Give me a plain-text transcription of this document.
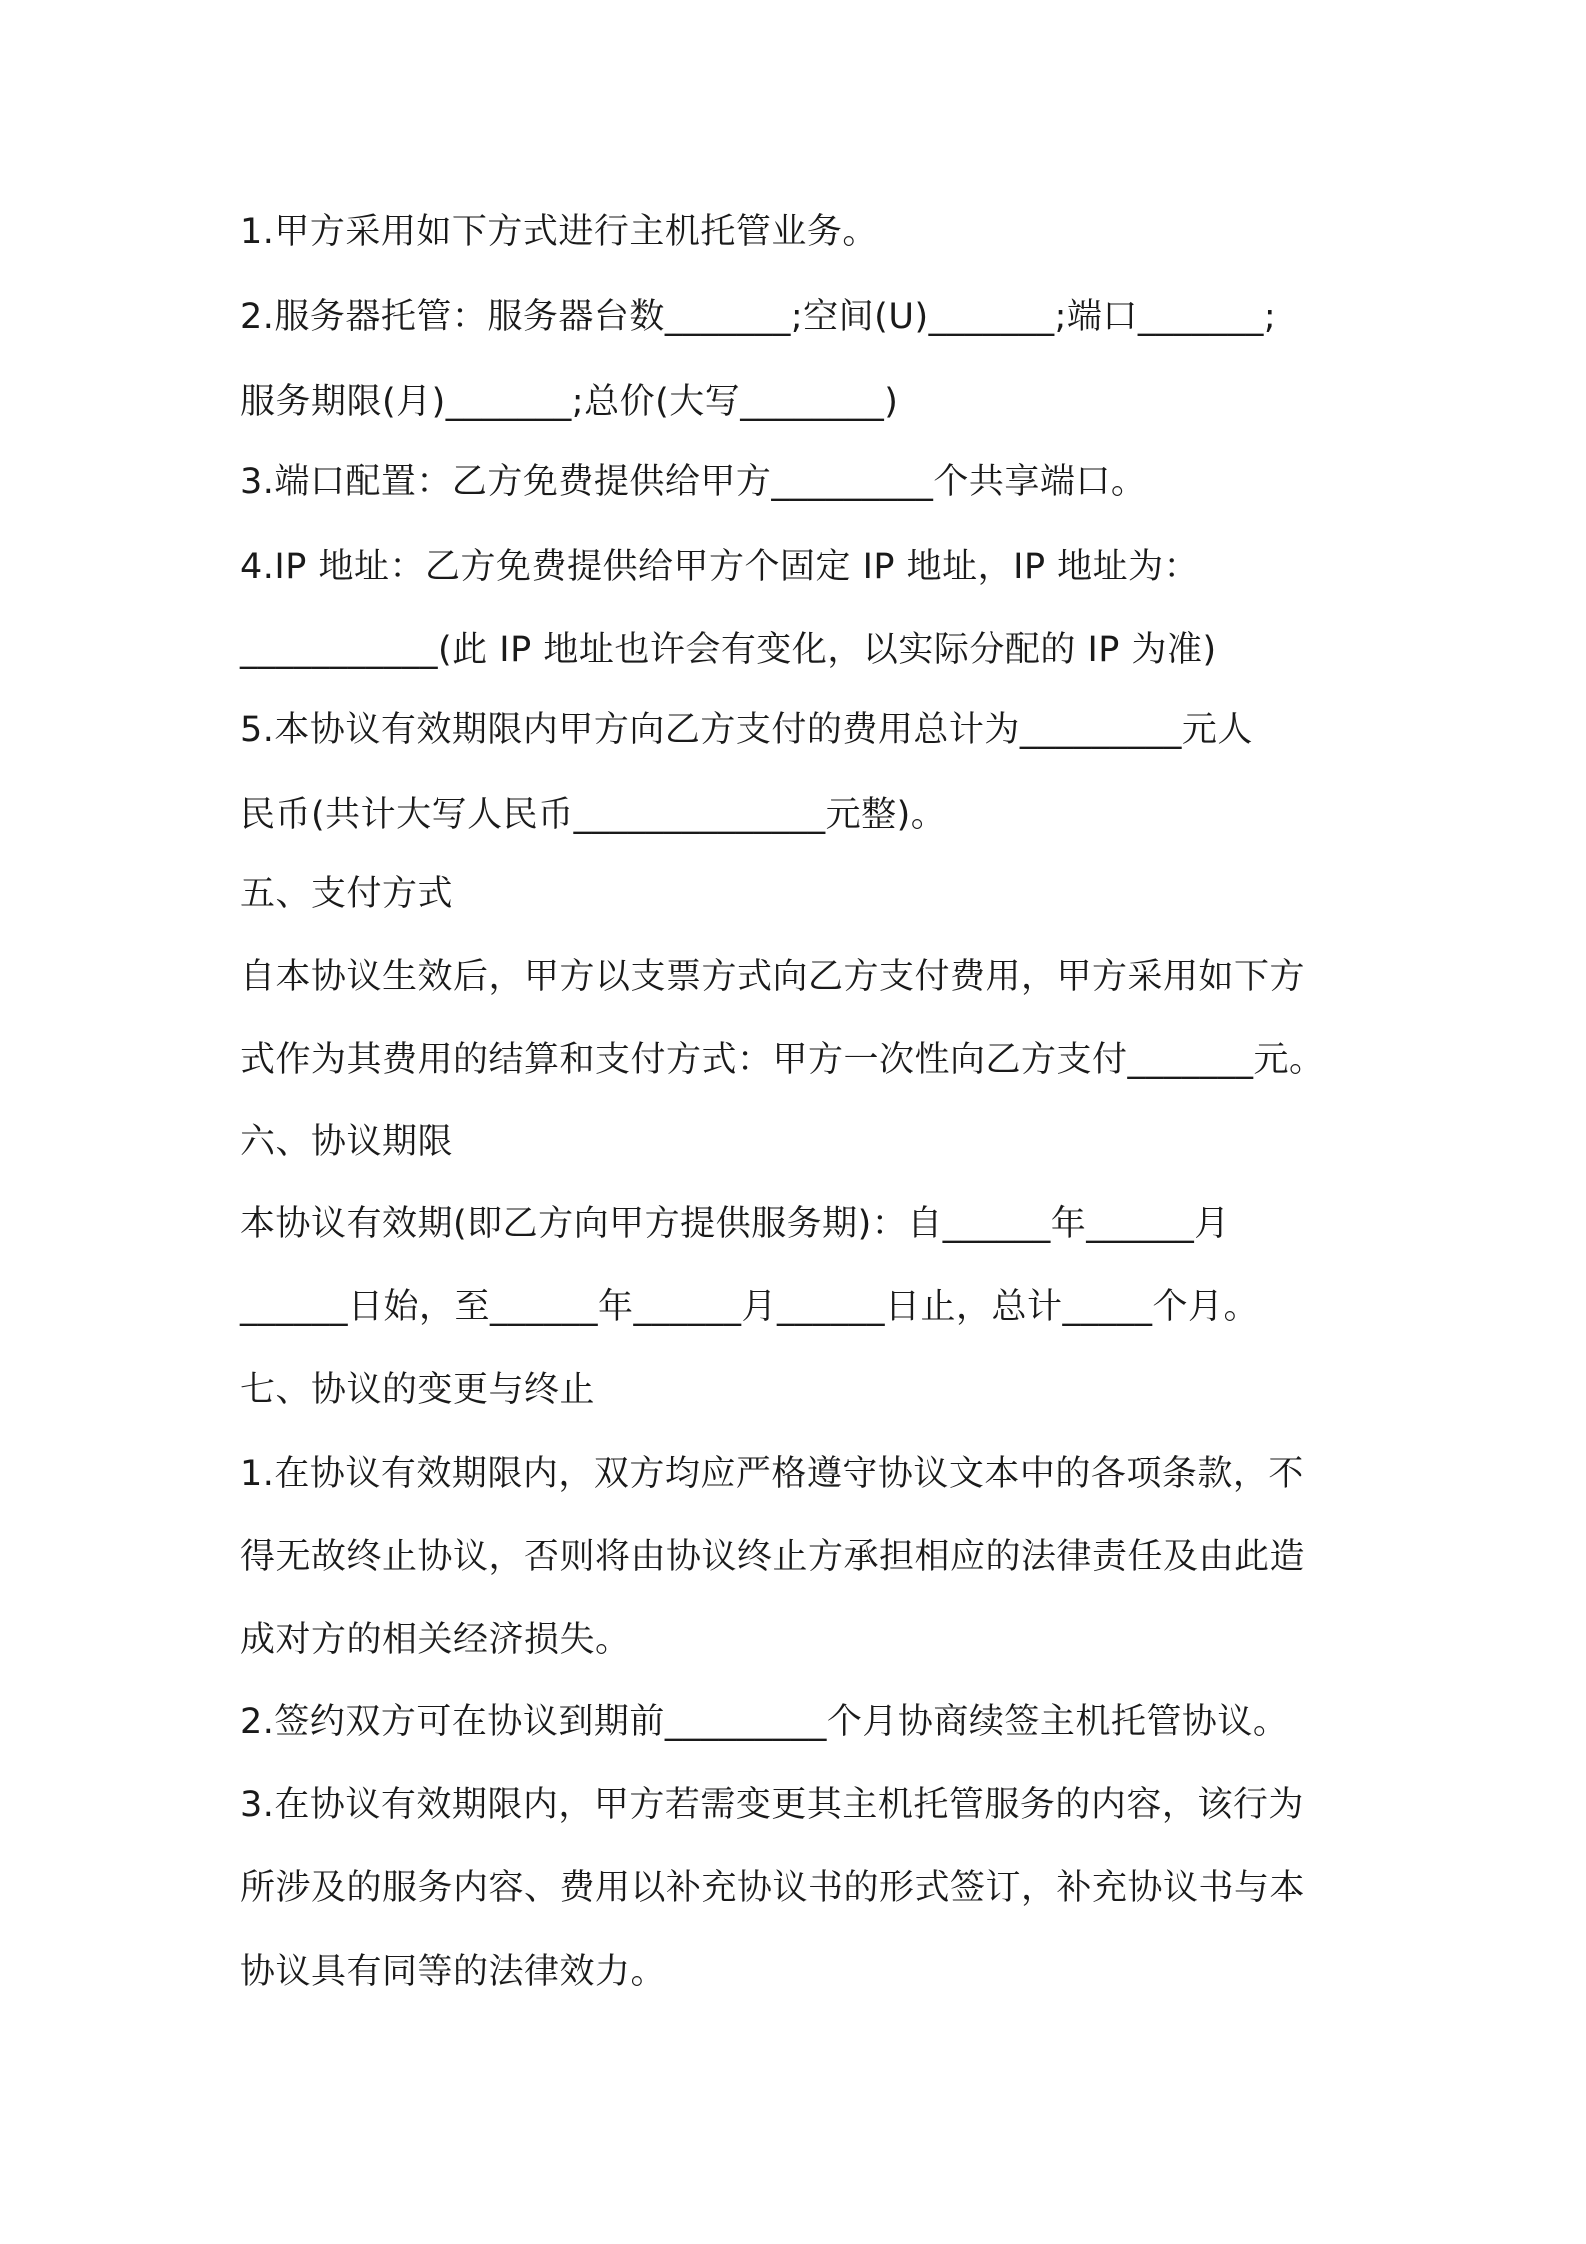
1.甲方采用如下方式进行主机托管业务。
2.服务器托管：服务器台数_______;空间(U)_______;端口_______;
服务期限(月)_______;总价(大写________)
3.端口配置：乙方免费提供给甲方_________个共享端口。
4.IP 地址：乙方免费提供给甲方个固定 IP 地址，IP 地址为：
___________(此 IP 地址也许会有变化，以实际分配的 IP 为准)
5.本协议有效期限内甲方向乙方支付的费用总计为_________元人
民币(共计大写人民币______________元整)。
五、支付方式
自本协议生效后，甲方以支票方式向乙方支付费用，甲方采用如下方
式作为其费用的结算和支付方式：甲方一次性向乙方支付_______元。
六、协议期限
本协议有效期(即乙方向甲方提供服务期)：自______年______月
______日始，至______年______月______日止，总计_____个月。
七、协议的变更与终止
1.在协议有效期限内，双方均应严格遵守协议文本中的各项条款，不
得无故终止协议，否则将由协议终止方承担相应的法律责任及由此造
成对方的相关经济损失。
2.签约双方可在协议到期前_________个月协商续签主机托管协议。
3.在协议有效期限内，甲方若需变更其主机托管服务的内容，该行为
所涉及的服务内容、费用以补充协议书的形式签订，补充协议书与本
协议具有同等的法律效力。
